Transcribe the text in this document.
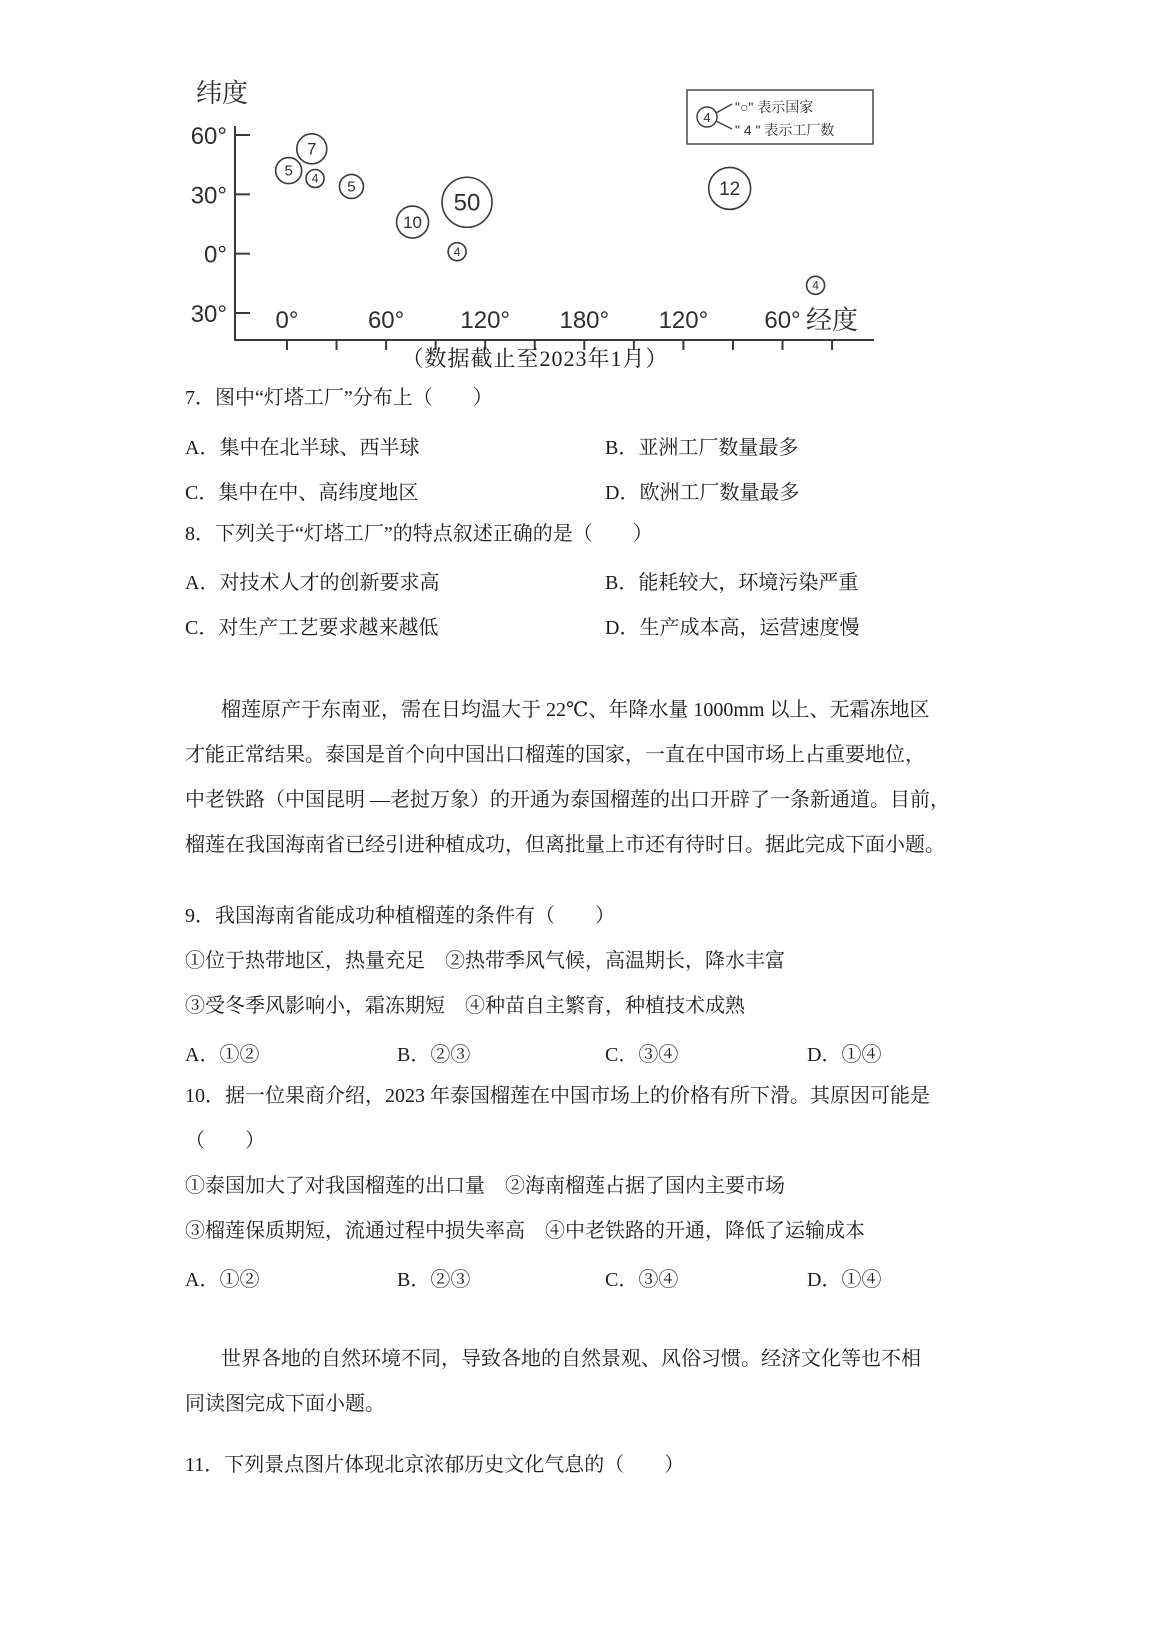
60°
30°
0°
30° 0°	60° 120° 180° 120° 60°
纬度
经度
5
7
4 5
10
50
4
12
4
4
"○" 表示国家
" 4 " 表示工厂数
（数据截止至2023年1月）
7．图中“灯塔工厂”分布上（　　）
A．集中在北半球、西半球	B．亚洲工厂数量最多
C．集中在中、高纬度地区	D．欧洲工厂数量最多
8．下列关于“灯塔工厂”的特点叙述正确的是（　　）
A．对技术人才的创新要求高	B．能耗较大，环境污染严重
C．对生产工艺要求越来越低	D．生产成本高，运营速度慢
榴莲原产于东南亚，需在日均温大于 22℃、年降水量 1000mm 以上、无霜冻地区
才能正常结果。泰国是首个向中国出口榴莲的国家，一直在中国市场上占重要地位，
中老铁路（中国昆明 —老挝万象）的开通为泰国榴莲的出口开辟了一条新通道。目前，
榴莲在我国海南省已经引进种植成功，但离批量上市还有待时日。据此完成下面小题。
9．我国海南省能成功种植榴莲的条件有（　　）
①位于热带地区，热量充足　②热带季风气候，高温期长，降水丰富
③受冬季风影响小，霜冻期短　④种苗自主繁育，种植技术成熟
A．①②	B．②③	C．③④	D．①④
10．据一位果商介绍，2023 年泰国榴莲在中国市场上的价格有所下滑。其原因可能是
（　　）
①泰国加大了对我国榴莲的出口量　②海南榴莲占据了国内主要市场
③榴莲保质期短，流通过程中损失率高　④中老铁路的开通，降低了运输成本
A．①②	B．②③	C．③④	D．①④
世界各地的自然环境不同，导致各地的自然景观、风俗习惯。经济文化等也不相
同读图完成下面小题。
11．下列景点图片体现北京浓郁历史文化气息的（　　）
